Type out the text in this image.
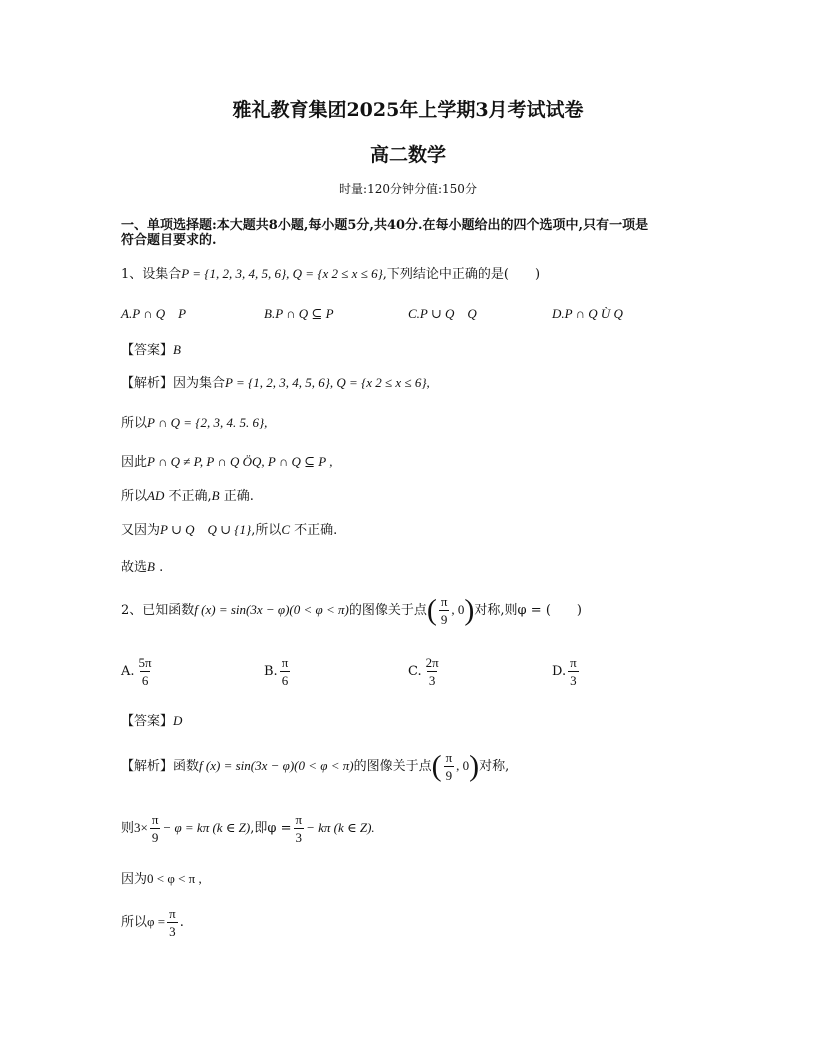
雅礼教育集团2025年上学期3月考试试卷
高二数学
时量:120分钟分值:150分
一、单项选择题:本大题共8小题,每小题5分,共40分.在每小题给出的四个选项中,只有一项是
符合题目要求的.
1、设集合P = {1, 2, 3, 4, 5, 6}, Q = {x 2 ≤ x ≤ 6},下列结论中正确的是(　　)
A.P ∩ Q　P	B.P ∩ Q ⊆ P	C.P ∪ Q　Q	D.P ∩ Q Ù Q
【答案】B
【解析】因为集合P = {1, 2, 3, 4, 5, 6}, Q = {x 2 ≤ x ≤ 6},
所以P ∩ Q = {2, 3, 4. 5. 6},
因此P ∩ Q ≠ P, P ∩ Q ÖQ, P ∩ Q ⊆ P ,
所以AD 不正确,B 正确.
又因为P ∪ Q　Q ∪ {1},所以C 不正确.
故选B .
2、已知函数f (x) = sin(3x − φ)(0 < φ < π)的图像关于点( $\frac{\pi}{9}$ , 0)对称,则φ = (　　)
A. $\frac{5\pi}{6}$	B. $\frac{\pi}{6}$	C. $\frac{2\pi}{3}$	D. $\frac{\pi}{3}$
【答案】D
【解析】函数f (x) = sin(3x − φ)(0 < φ < π)的图像关于点( $\frac{\pi}{9}$ , 0)对称,
则$3\times \frac{\pi}{9} - \varphi = k\pi$ (k ∈ Z),即$\varphi = \frac{\pi}{3} - k\pi$ (k ∈ Z).
因为0 < φ < π ,
所以$\varphi = \frac{\pi}{3}$ .
